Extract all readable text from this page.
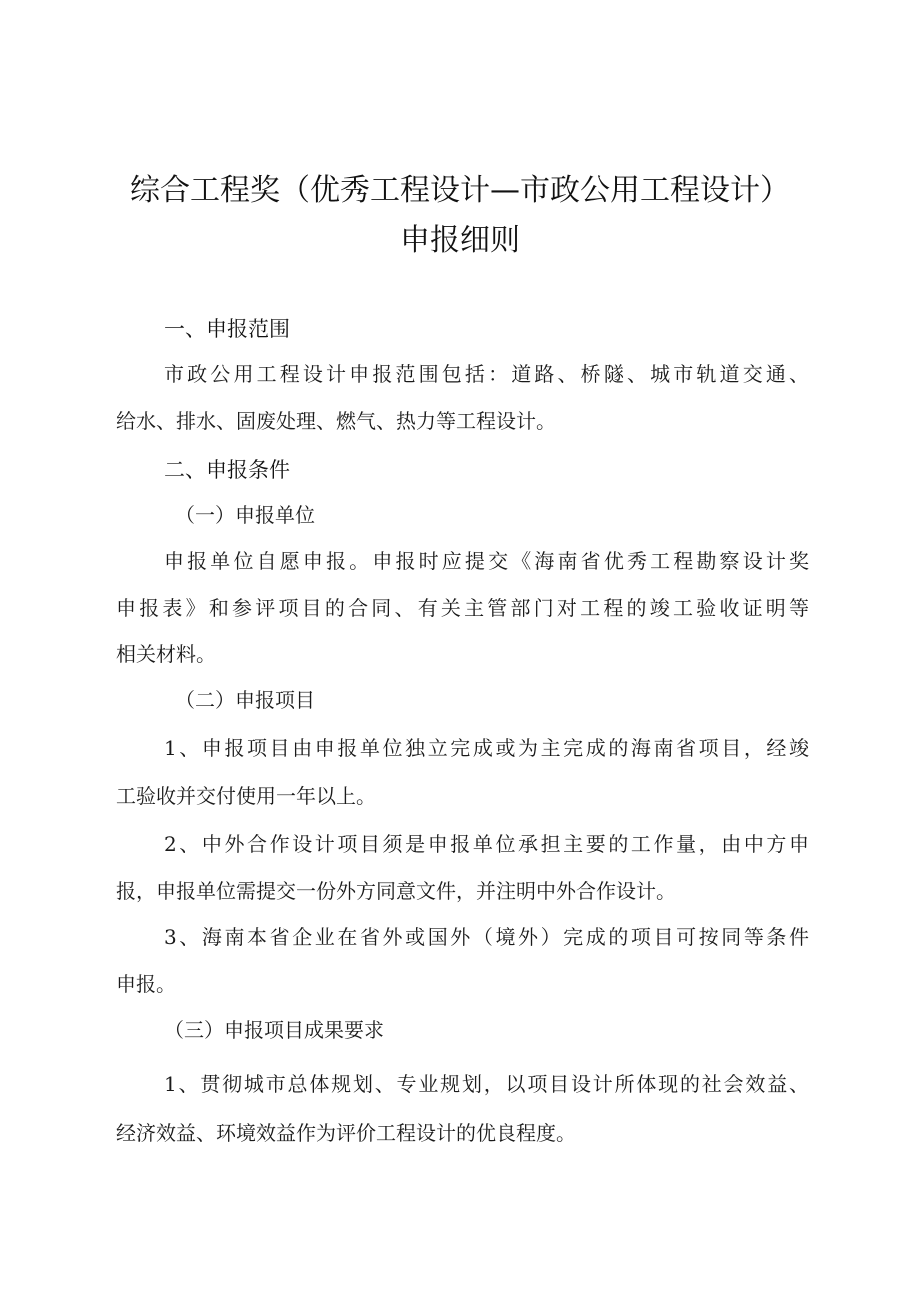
综合工程奖（优秀工程设计—市政公用工程设计）
申报细则
一、申报范围
市政公用工程设计申报范围包括：道路、桥隧、城市轨道交通、
给水、排水、固废处理、燃气、热力等工程设计。
二、申报条件
（一）申报单位
申报单位自愿申报。申报时应提交《海南省优秀工程勘察设计奖
申报表》和参评项目的合同、有关主管部门对工程的竣工验收证明等
相关材料。
（二）申报项目
1、申报项目由申报单位独立完成或为主完成的海南省项目，经竣
工验收并交付使用一年以上。
2、中外合作设计项目须是申报单位承担主要的工作量，由中方申
报，申报单位需提交一份外方同意文件，并注明中外合作设计。
3、海南本省企业在省外或国外（境外）完成的项目可按同等条件
申报。
（三）申报项目成果要求
1、贯彻城市总体规划、专业规划，以项目设计所体现的社会效益、
经济效益、环境效益作为评价工程设计的优良程度。
